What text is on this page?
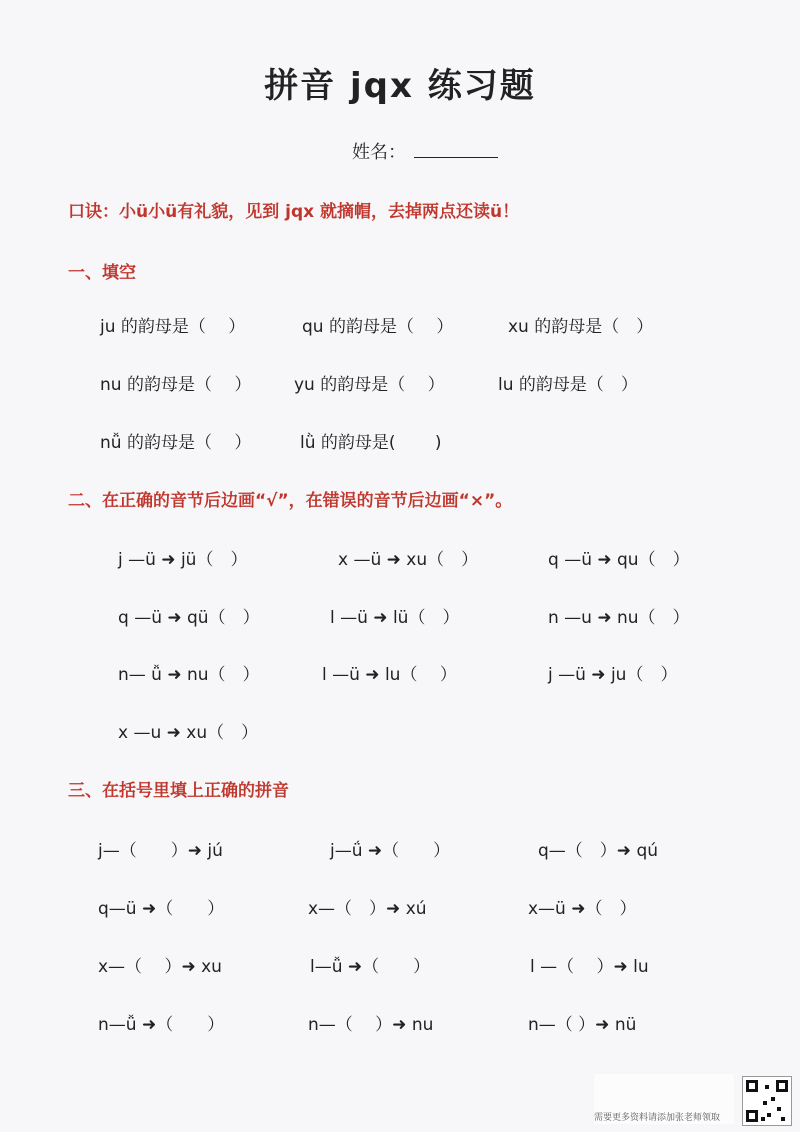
拼音 jqx 练习题
姓名：
口诀：小ü小ü有礼貌，见到 jqx 就摘帽，去掉两点还读ü！
一、填空
ju 的韵母是（　 ）	qu 的韵母是（　 ）	xu 的韵母是（　）
nu 的韵母是（　 ）	yu 的韵母是（　 ）	lu 的韵母是（　）
nǚ 的韵母是（　 ）	lǜ 的韵母是(　　 )
二、在正确的音节后边画“√”，在错误的音节后边画“×”。
j —ü ➜ jü（　）	x —ü ➜ xu（　）	q —ü ➜ qu（　）
q —ü ➜ qü（　）	l —ü ➜ lü（　）	n —u ➜ nu（　）
n— ǚ ➜ nu（　）	l —ü ➜ lu（　 ）	j —ü ➜ ju（　）
x —u ➜ xu（　）
三、在括号里填上正确的拼音
j—（　　）➜ jú	j—ǘ ➜（　　）	q—（　）➜ qú
q—ü ➜（　　）	x—（　）➜ xú	x—ü ➜（　）
x—（　 ）➜ xu	l—ǚ ➜（　　）	l —（　 ）➜ lu
n—ǚ ➜（　　）	n—（　 ）➜ nu	n—（ ）➜ nü
需要更多资料请添加张老师领取
